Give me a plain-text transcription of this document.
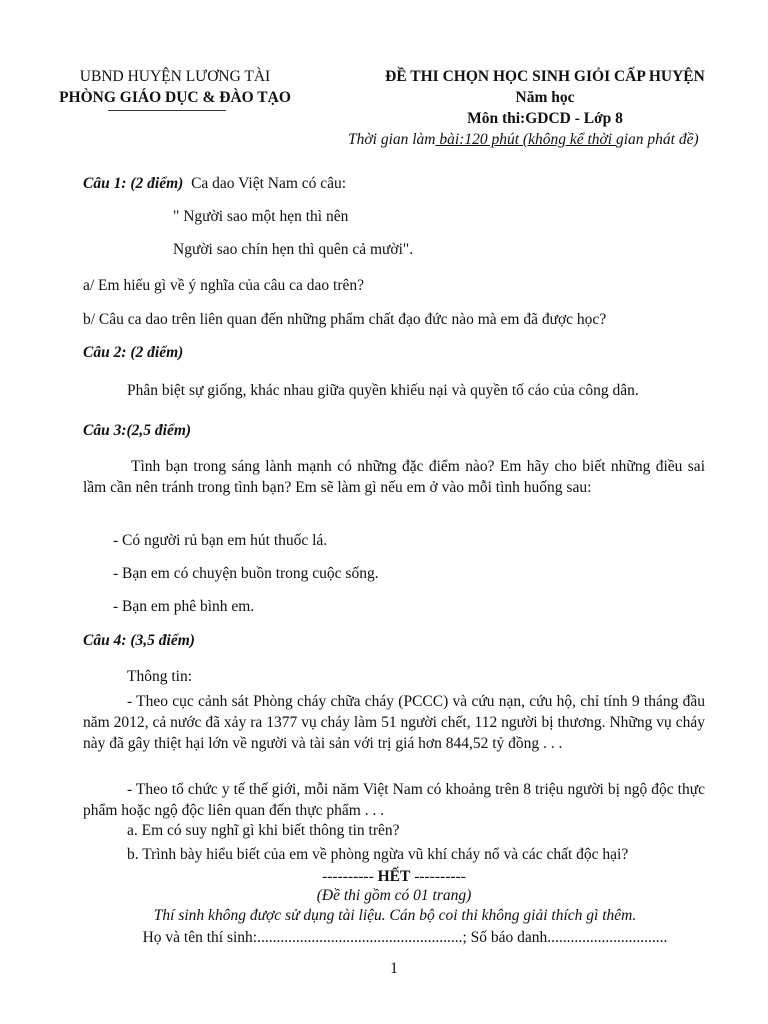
UBND HUYỆN LƯƠNG TÀI
PHÒNG GIÁO DỤC & ĐÀO TẠO
ĐỀ THI CHỌN HỌC SINH GIỎI CẤP HUYỆN
Năm học
Môn thi:GDCD - Lớp 8
Thời gian làm bài:120 phút (không kể thời gian phát đề)
Câu 1: (2 điểm) Ca dao Việt Nam có câu:
" Người sao một hẹn thì nên
Người sao chín hẹn thì quên cả mười".
a/ Em hiểu gì về ý nghĩa của câu ca dao trên?
b/ Câu ca dao trên liên quan đến những phẩm chất đạo đức nào mà em đã được học?
Câu 2: (2 điểm)
Phân biệt sự giống, khác nhau giữa quyền khiếu nại và quyền tố cáo của công dân.
Câu 3:(2,5 điểm)
Tình bạn trong sáng lành mạnh có những đặc điểm nào? Em hãy cho biết những điều sai lầm cần nên tránh trong tình bạn? Em sẽ làm gì nếu em ở vào mỗi tình huống sau:
- Có người rủ bạn em hút thuốc lá.
- Bạn em có chuyện buồn trong cuộc sống.
- Bạn em phê bình em.
Câu 4: (3,5 điểm)
Thông tin:
- Theo cục cảnh sát Phòng cháy chữa cháy (PCCC) và cứu nạn, cứu hộ, chỉ tính 9 tháng đầu năm 2012, cả nước đã xảy ra 1377 vụ cháy làm 51 người chết, 112 người bị thương. Những vụ cháy này đã gây thiệt hại lớn về người và tài sản với trị giá hơn 844,52 tỷ đồng . . .
- Theo tổ chức y tế thế giới, mỗi năm Việt Nam có khoảng trên 8 triệu người bị ngộ độc thực phẩm hoặc ngộ độc liên quan đến thực phẩm . . .
a. Em có suy nghĩ gì khi biết thông tin trên?
b. Trình bày hiểu biết của em về phòng ngừa vũ khí cháy nổ và các chất độc hại?
---------- HẾT ----------
(Đề thi gồm có 01 trang)
Thí sinh không được sử dụng tài liệu. Cán bộ coi thi không giải thích gì thêm.
Họ và tên thí sinh:.....................................................; Số báo danh...............................
1
